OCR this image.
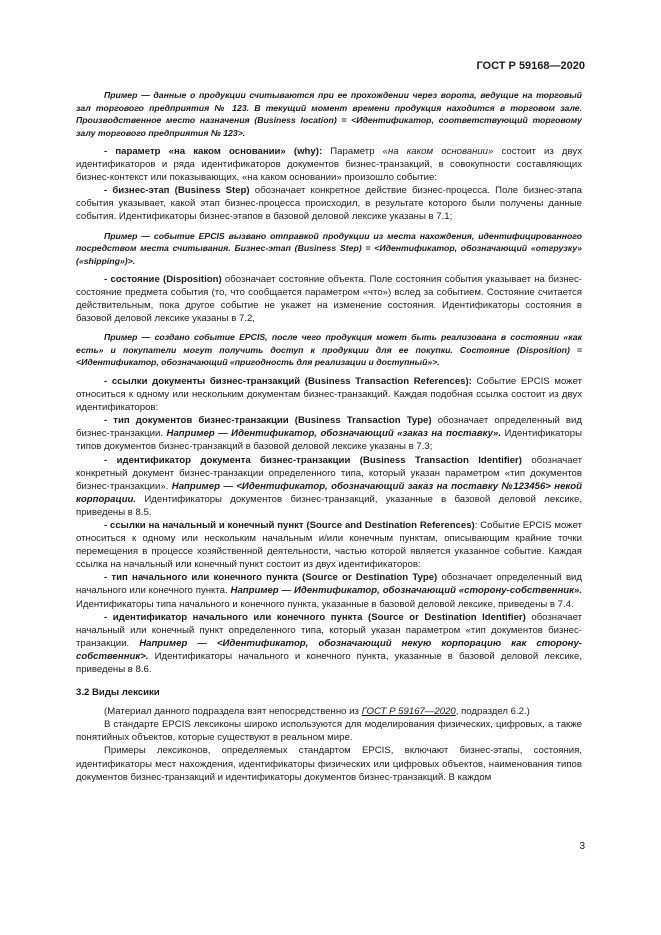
ГОСТ Р 59168—2020

Пример — данные о продукции считываются при ее прохождении через ворота, ведущие на торговый зал торгового предприятия № 123. В текущий момент времени продукция находится в торговом зале. Производственное место назначения (Business location) = <Идентификатор, соответствующий торговому залу торгового предприятия № 123>.

- параметр «на каком основании» (why): Параметр «на каком основании» состоит из двух идентификаторов и ряда идентификаторов документов бизнес-транзакций, в совокупности составляющих бизнес-контекст или показывающих, «на каком основании» произошло событие:

- бизнес-этап (Business Step) обозначает конкретное действие бизнес-процесса. Поле бизнес-этапа события указывает, какой этап бизнес-процесса происходил, в результате которого были получены данные события. Идентификаторы бизнес-этапов в базовой деловой лексике указаны в 7.1;

Пример — событие EPCIS вызвано отправкой продукции из места нахождения, идентифицированного посредством места считывания. Бизнес-этап (Business Step) = <Идентификатор, обозначающий «отгрузку» («shipping»)>.

- состояние (Disposition) обозначает состояние объекта. Поле состояния события указывает на бизнес-состояние предмета события (то, что сообщается параметром «что») вслед за событием. Состояние считается действительным, пока другое событие не укажет на изменение состояния. Идентификаторы состояния в базовой деловой лексике указаны в 7.2,

Пример — создано событие EPCIS, после чего продукция может быть реализована в состоянии «как есть» и покупатели могут получить доступ к продукции для ее покупки. Состояние (Disposition) = <Идентификатор, обозначающий «пригодность для реализации и доступный»>.

- ссылки документы бизнес-транзакций (Business Transaction References): Событие EPCIS может относиться к одному или нескольким документам бизнес-транзакций. Каждая подобная ссылка состоит из двух идентификаторов:

- тип документов бизнес-транзакции (Business Transaction Type) обозначает определенный вид бизнес-транзакции. Например — Идентификатор, обозначающий «заказ на поставку». Идентификаторы типов документов бизнес-транзакций в базовой деловой лексике указаны в 7.3;

- идентификатор документа бизнес-транзакции (Business Transaction Identifier) обозначает конкретный документ бизнес-транзакции определенного типа, который указан параметром «тип документов бизнес-транзакции». Например — <Идентификатор, обозначающий заказ на поставку №123456> некой корпорации. Идентификаторы документов бизнес-транзакций, указанные в базовой деловой лексике, приведены в 8.5.

- ссылки на начальный и конечный пункт (Source and Destination References): Событие EPCIS может относиться к одному или нескольким начальным и/или конечным пунктам, описывающим крайние точки перемещения в процессе хозяйственной деятельности, частью которой является указанное событие. Каждая ссылка на начальный или конечный пункт состоит из двух идентификаторов:

- тип начального или конечного пункта (Source or Destination Type) обозначает определенный вид начального или конечного пункта. Например — Идентификатор, обозначающий «сторону-собственник». Идентификаторы типа начального и конечного пункта, указанные в базовой деловой лексике, приведены в 7.4.

- идентификатор начального или конечного пункта (Source or Destination Identifier) обозначает начальный или конечный пункт определенного типа, который указан параметром «тип документов бизнес-транзакции. Например — <Идентификатор, обозначающий некую корпорацию как сторону-собственник>. Идентификаторы начального и конечного пункта, указанные в базовой деловой лексике, приведены в 8.6.

3.2 Виды лексики

(Материал данного подраздела взят непосредственно из ГОСТ Р 59167—2020, подраздел 6.2.)

В стандарте EPCIS лексиконы широко используются для моделирования физических, цифровых, а также понятийных объектов, которые существуют в реальном мире.

Примеры лексиконов, определяемых стандартом EPCIS, включают бизнес-этапы, состояния, идентификаторы мест нахождения, идентификаторы физических или цифровых объектов, наименования типов документов бизнес-транзакций и идентификаторы документов бизнес-транзакций. В каждом

3
